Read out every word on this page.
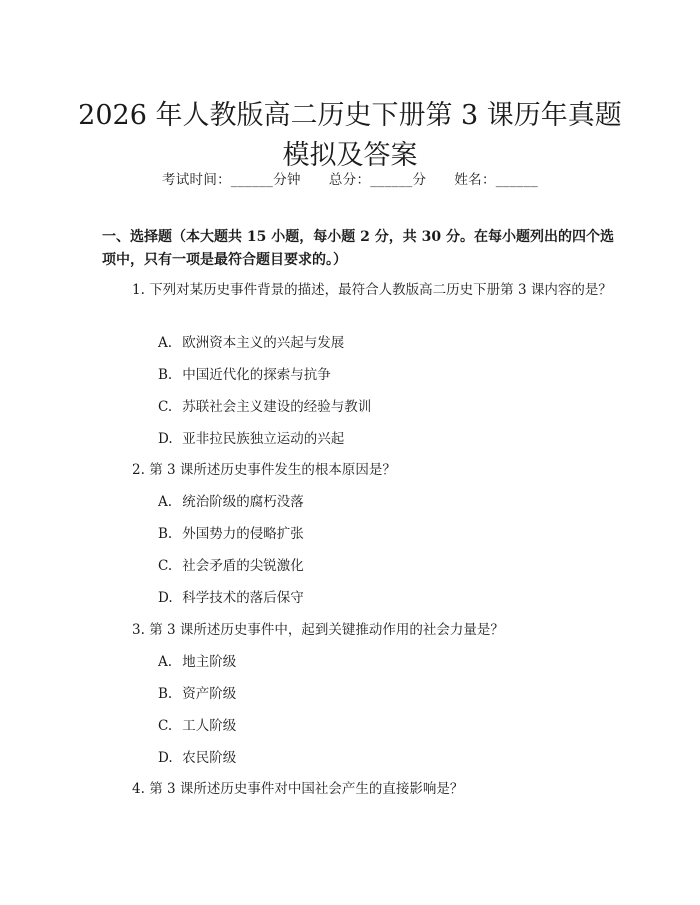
2026 年人教版高二历史下册第 3 课历年真题
模拟及答案
考试时间：______分钟 总分：______分 姓名：______
一、选择题（本大题共 15 小题，每小题 2 分，共 30 分。在每小题列出的四个选项中，只有一项是最符合题目要求的。）
1. 下列对某历史事件背景的描述，最符合人教版高二历史下册第 3 课内容的是？
A. 欧洲资本主义的兴起与发展
B. 中国近代化的探索与抗争
C. 苏联社会主义建设的经验与教训
D. 亚非拉民族独立运动的兴起
2. 第 3 课所述历史事件发生的根本原因是？
A. 统治阶级的腐朽没落
B. 外国势力的侵略扩张
C. 社会矛盾的尖锐激化
D. 科学技术的落后保守
3. 第 3 课所述历史事件中，起到关键推动作用的社会力量是？
A. 地主阶级
B. 资产阶级
C. 工人阶级
D. 农民阶级
4. 第 3 课所述历史事件对中国社会产生的直接影响是？
